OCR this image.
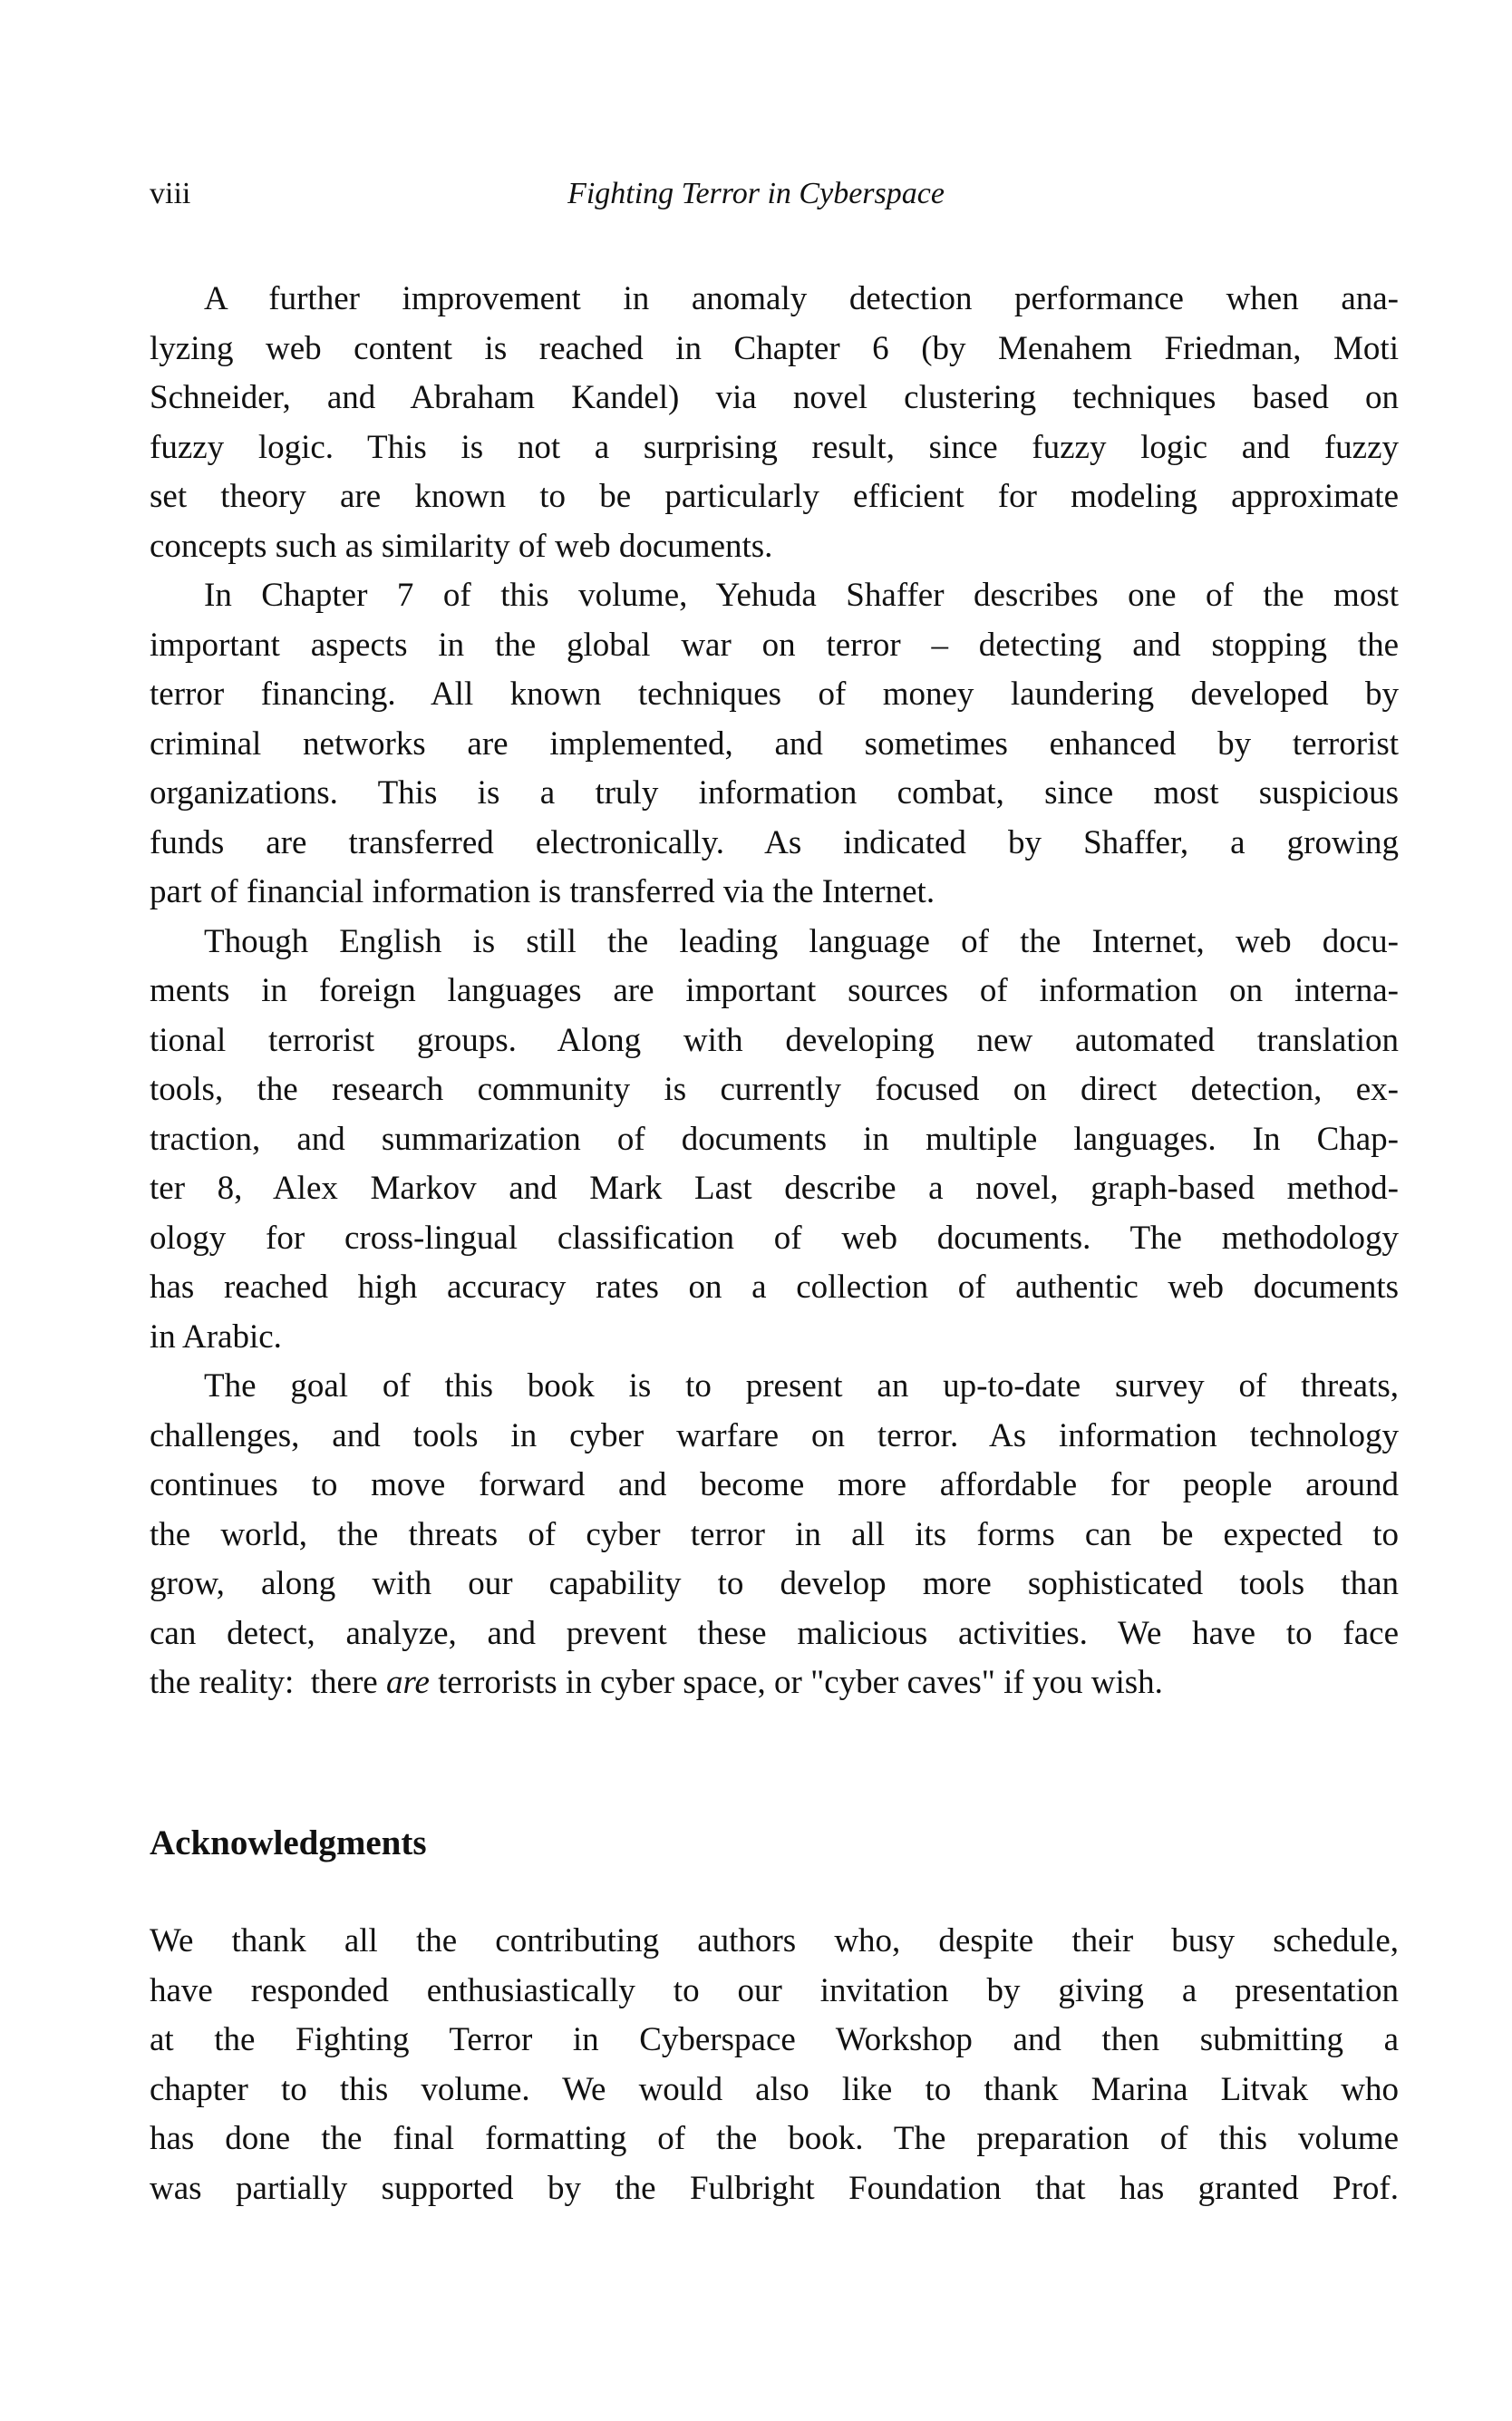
viii	Fighting Terror in Cyberspace
A further improvement in anomaly detection performance when ana-
lyzing web content is reached in Chapter 6 (by Menahem Friedman, Moti
Schneider, and Abraham Kandel) via novel clustering techniques based on
fuzzy logic. This is not a surprising result, since fuzzy logic and fuzzy
set theory are known to be particularly efficient for modeling approximate
concepts such as similarity of web documents.
In Chapter 7 of this volume, Yehuda Shaffer describes one of the most
important aspects in the global war on terror – detecting and stopping the
terror financing. All known techniques of money laundering developed by
criminal networks are implemented, and sometimes enhanced by terrorist
organizations. This is a truly information combat, since most suspicious
funds are transferred electronically. As indicated by Shaffer, a growing
part of financial information is transferred via the Internet.
Though English is still the leading language of the Internet, web docu-
ments in foreign languages are important sources of information on interna-
tional terrorist groups. Along with developing new automated translation
tools, the research community is currently focused on direct detection, ex-
traction, and summarization of documents in multiple languages. In Chap-
ter 8, Alex Markov and Mark Last describe a novel, graph-based method-
ology for cross-lingual classification of web documents. The methodology
has reached high accuracy rates on a collection of authentic web documents
in Arabic.
The goal of this book is to present an up-to-date survey of threats,
challenges, and tools in cyber warfare on terror. As information technology
continues to move forward and become more affordable for people around
the world, the threats of cyber terror in all its forms can be expected to
grow, along with our capability to develop more sophisticated tools than
can detect, analyze, and prevent these malicious activities. We have to face
the reality:  there are terrorists in cyber space, or "cyber caves" if you wish.
Acknowledgments
We thank all the contributing authors who, despite their busy schedule,
have responded enthusiastically to our invitation by giving a presentation
at the Fighting Terror in Cyberspace Workshop and then submitting a
chapter to this volume. We would also like to thank Marina Litvak who
has done the final formatting of the book. The preparation of this volume
was partially supported by the Fulbright Foundation that has granted Prof.
